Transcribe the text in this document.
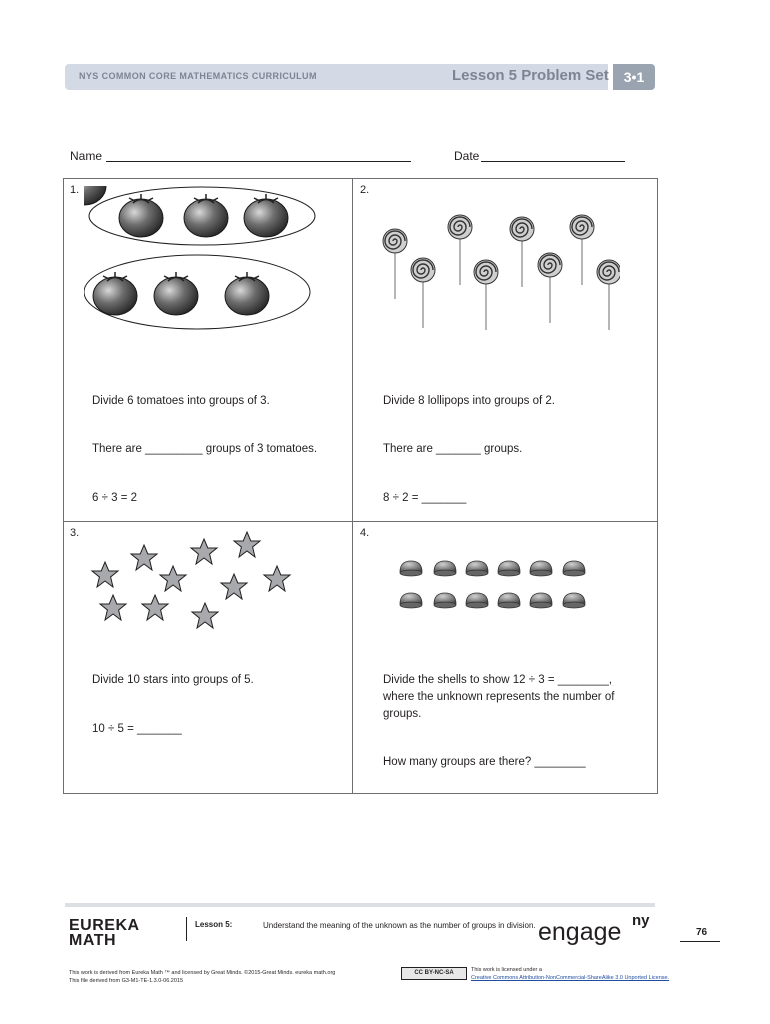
NYS COMMON CORE MATHEMATICS CURRICULUM	Lesson 5 Problem Set	3•1
Name	Date
1.
Divide 6 tomatoes into groups of 3.
There are _________ groups of 3 tomatoes.
6 ÷ 3 = 2
2.
Divide 8 lollipops into groups of 2.
There are _______ groups.
8 ÷ 2 = _______
3.
Divide 10 stars into groups of 5.
10 ÷ 5 = _______
4.
Divide the shells to show 12 ÷ 3 = ________,
where the unknown represents the number of
groups.
How many groups are there? ________
EUREKA
MATH
Lesson 5:	Understand the meaning of the unknown as the number of groups in division. engage ny
76
This work is derived from Eureka Math ™ and licensed by Great Minds. ©2015-Great Minds. eureka math.org
This file derived from G3-M1-TE-1.3.0-06.2015
CC BY-NC-SA	This work is licensed under a
Creative Commons Attribution-NonCommercial-ShareAlike 3.0 Unported License.
